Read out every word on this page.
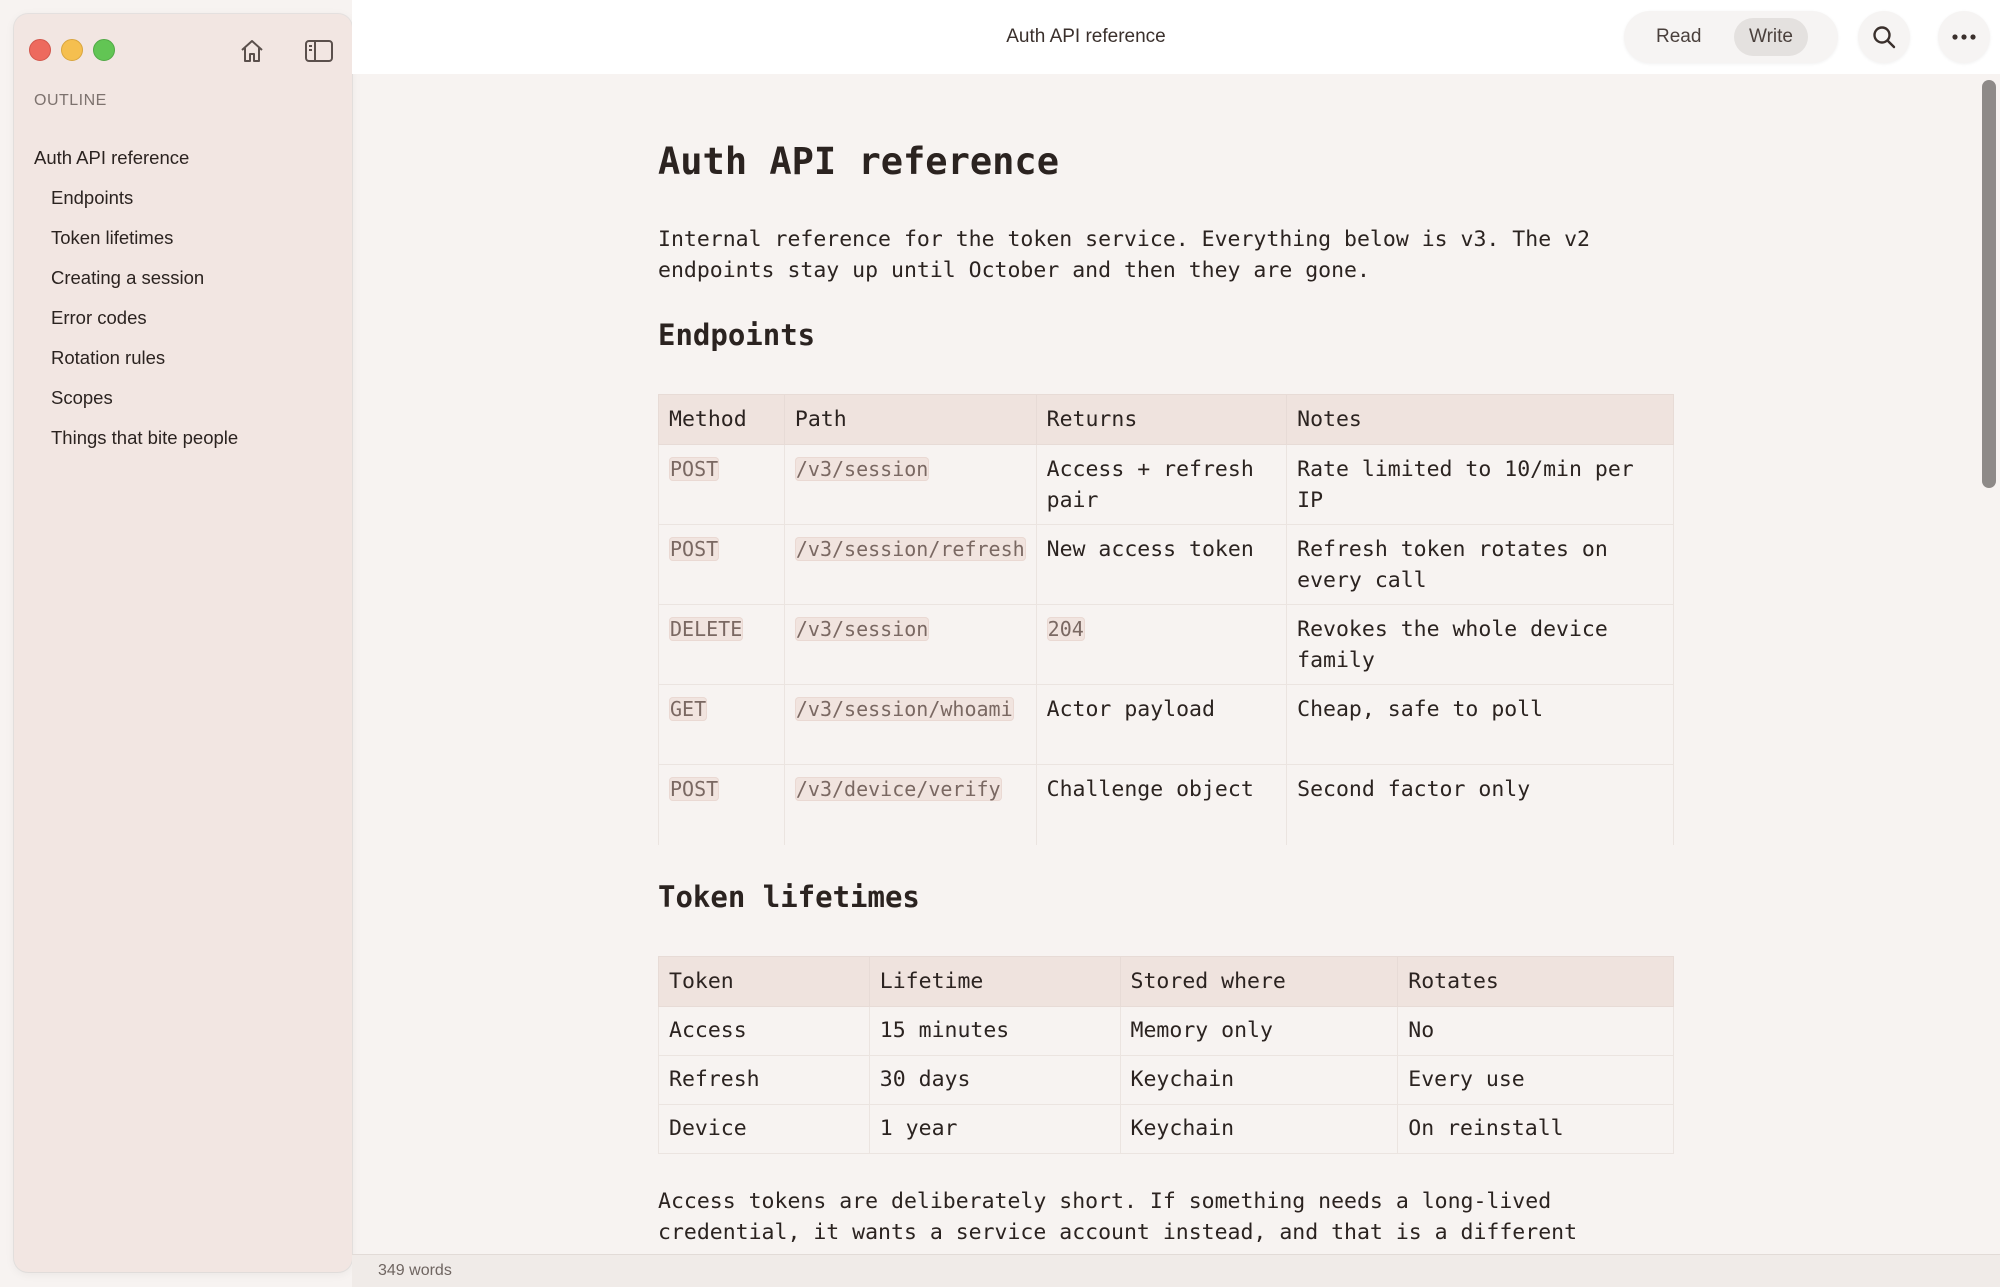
OUTLINE
Auth API reference
Endpoints
Token lifetimes
Creating a session
Error codes
Rotation rules
Scopes
Things that bite people
Auth API reference	Read	Write
Auth API reference

Internal reference for the token service. Everything below is v3. The v2 endpoints stay up until October and then they are gone.

Endpoints
Method	Path	Returns	Notes
POST	/v3/session	Access + refresh pair	Rate limited to 10/min per IP
POST	/v3/session/refresh	New access token	Refresh token rotates on every call
DELETE	/v3/session	204	Revokes the whole device family
GET	/v3/session/whoami	Actor payload	Cheap, safe to poll
POST	/v3/device/verify	Challenge object	Second factor only
Token lifetimes
Token	Lifetime	Stored where	Rotates
Access	15 minutes	Memory only	No
Refresh	30 days	Keychain	Every use
Device	1 year	Keychain	On reinstall

Access tokens are deliberately short. If something needs a long-lived credential, it wants a service account instead, and that is a different

349 words
